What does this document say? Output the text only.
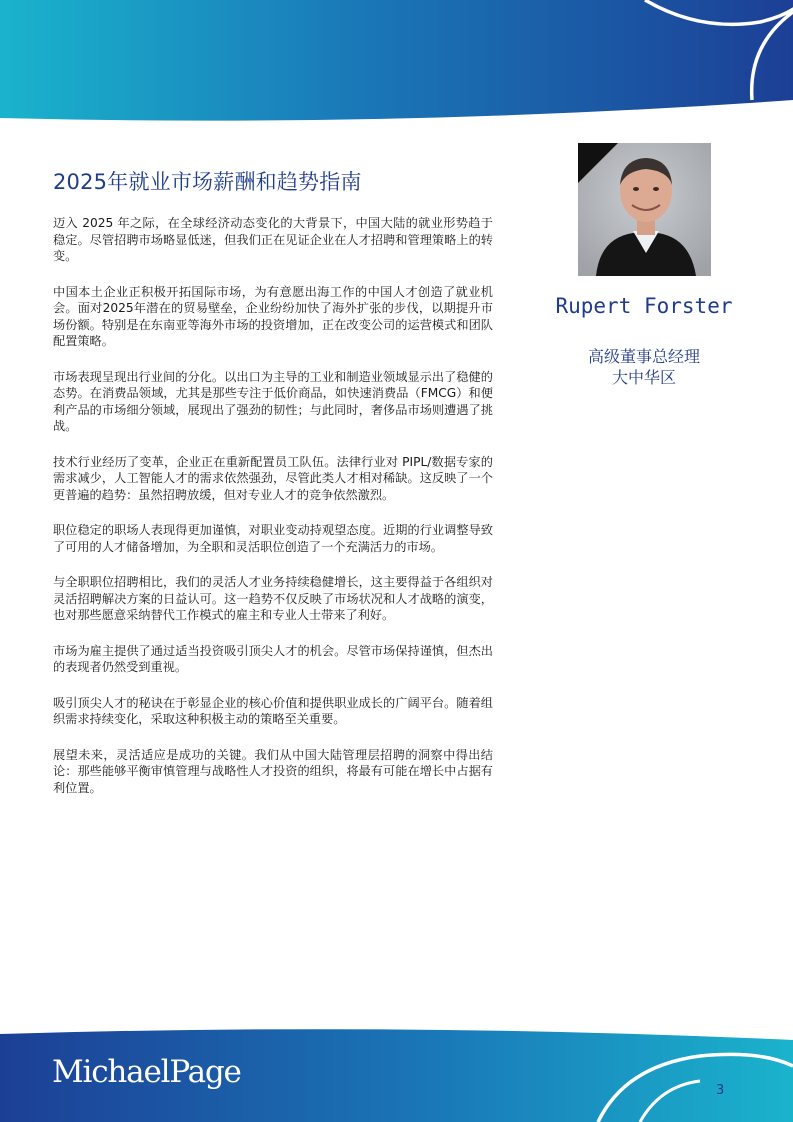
2025年就业市场薪酬和趋势指南

迈入 2025 年之际，在全球经济动态变化的大背景下，中国大陆的就业形势趋于稳定。尽管招聘市场略显低迷，但我们正在见证企业在人才招聘和管理策略上的转变。

中国本土企业正积极开拓国际市场，为有意愿出海工作的中国人才创造了就业机会。面对2025年潜在的贸易壁垒，企业纷纷加快了海外扩张的步伐，以期提升市场份额。特别是在东南亚等海外市场的投资增加，正在改变公司的运营模式和团队配置策略。

市场表现呈现出行业间的分化。以出口为主导的工业和制造业领域显示出了稳健的态势。在消费品领域，尤其是那些专注于低价商品，如快速消费品（FMCG）和便利产品的市场细分领域，展现出了强劲的韧性；与此同时，奢侈品市场则遭遇了挑战。

技术行业经历了变革，企业正在重新配置员工队伍。法律行业对 PIPL/数据专家的需求减少，人工智能人才的需求依然强劲，尽管此类人才相对稀缺。这反映了一个更普遍的趋势：虽然招聘放缓，但对专业人才的竞争依然激烈。

职位稳定的职场人表现得更加谨慎，对职业变动持观望态度。近期的行业调整导致了可用的人才储备增加，为全职和灵活职位创造了一个充满活力的市场。

与全职职位招聘相比，我们的灵活人才业务持续稳健增长，这主要得益于各组织对灵活招聘解决方案的日益认可。这一趋势不仅反映了市场状况和人才战略的演变，也对那些愿意采纳替代工作模式的雇主和专业人士带来了利好。

市场为雇主提供了通过适当投资吸引顶尖人才的机会。尽管市场保持谨慎，但杰出的表现者仍然受到重视。

吸引顶尖人才的秘诀在于彰显企业的核心价值和提供职业成长的广阔平台。随着组织需求持续变化，采取这种积极主动的策略至关重要。

展望未来，灵活适应是成功的关键。我们从中国大陆管理层招聘的洞察中得出结论：那些能够平衡审慎管理与战略性人才投资的组织，将最有可能在增长中占据有利位置。

Rupert Forster
高级董事总经理
大中华区
MichaelPage
3
